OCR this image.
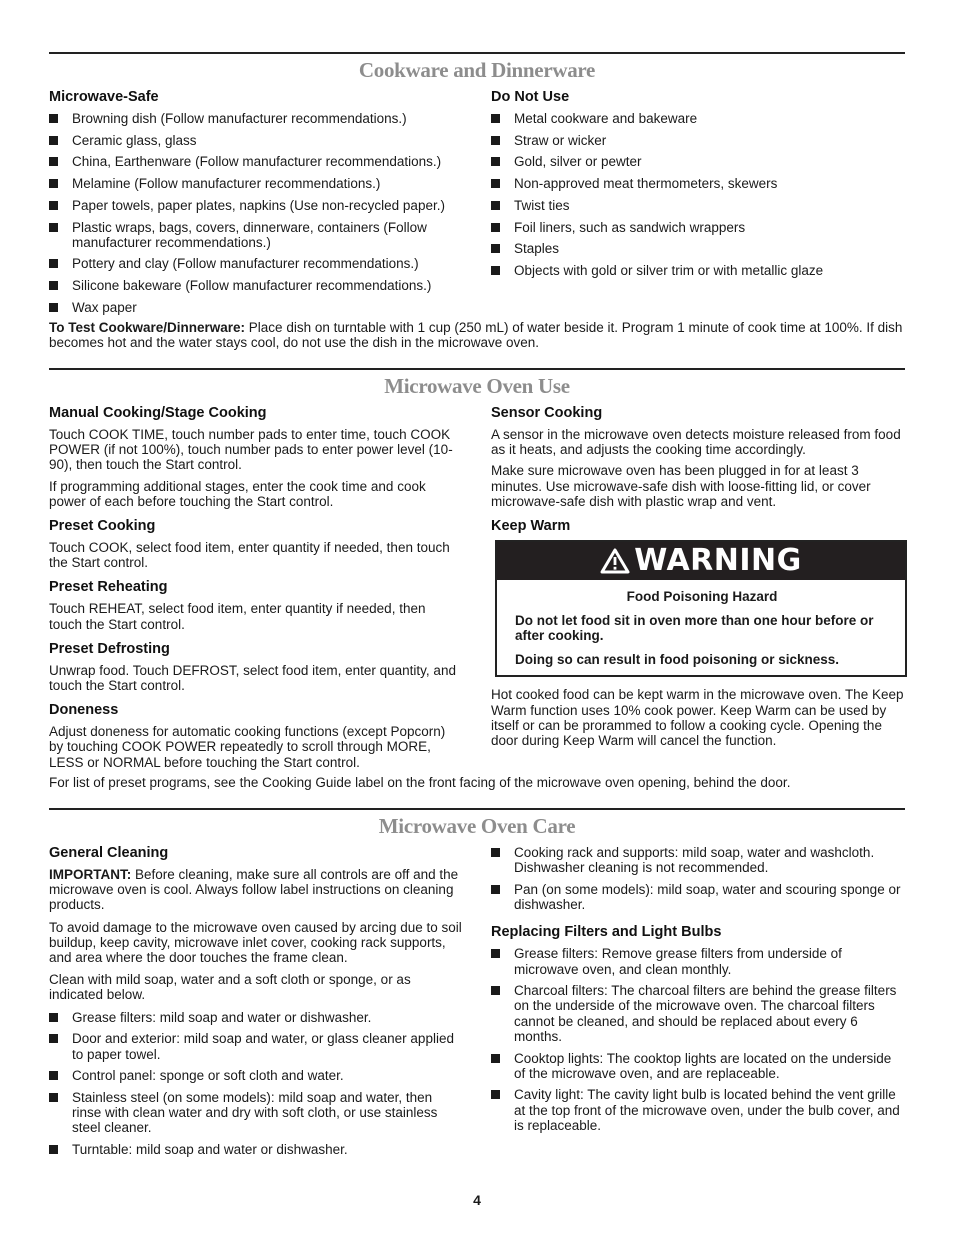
Cookware and Dinnerware
Microwave-Safe
Browning dish (Follow manufacturer recommendations.)
Ceramic glass, glass
China, Earthenware (Follow manufacturer recommendations.)
Melamine (Follow manufacturer recommendations.)
Paper towels, paper plates, napkins (Use non-recycled paper.)
Plastic wraps, bags, covers, dinnerware, containers (Follow manufacturer recommendations.)
Pottery and clay (Follow manufacturer recommendations.)
Silicone bakeware (Follow manufacturer recommendations.)
Wax paper
Do Not Use
Metal cookware and bakeware
Straw or wicker
Gold, silver or pewter
Non-approved meat thermometers, skewers
Twist ties
Foil liners, such as sandwich wrappers
Staples
Objects with gold or silver trim or with metallic glaze

To Test Cookware/Dinnerware: Place dish on turntable with 1 cup (250 mL) of water beside it. Program 1 minute of cook time at 100%. If dish becomes hot and the water stays cool, do not use the dish in the microwave oven.

Microwave Oven Use
Manual Cooking/Stage Cooking

Touch COOK TIME, touch number pads to enter time, touch COOK POWER (if not 100%), touch number pads to enter power level (10-90), then touch the Start control.

If programming additional stages, enter the cook time and cook power of each before touching the Start control.

Preset Cooking

Touch COOK, select food item, enter quantity if needed, then touch the Start control.

Preset Reheating

Touch REHEAT, select food item, enter quantity if needed, then touch the Start control.

Preset Defrosting

Unwrap food. Touch DEFROST, select food item, enter quantity, and touch the Start control.

Doneness

Adjust doneness for automatic cooking functions (except Popcorn) by touching COOK POWER repeatedly to scroll through MORE, LESS or NORMAL before touching the Start control.

Sensor Cooking

A sensor in the microwave oven detects moisture released from food as it heats, and adjusts the cooking time accordingly.

Make sure microwave oven has been plugged in for at least 3 minutes. Use microwave-safe dish with loose-fitting lid, or cover microwave-safe dish with plastic wrap and vent.

Keep Warm
WARNING
Food Poisoning Hazard
Do not let food sit in oven more than one hour before or after cooking.
Doing so can result in food poisoning or sickness.

Hot cooked food can be kept warm in the microwave oven. The Keep Warm function uses 10% cook power. Keep Warm can be used by itself or can be prorammed to follow a cooking cycle. Opening the door during Keep Warm will cancel the function.

For list of preset programs, see the Cooking Guide label on the front facing of the microwave oven opening, behind the door.

Microwave Oven Care
General Cleaning

IMPORTANT: Before cleaning, make sure all controls are off and the microwave oven is cool. Always follow label instructions on cleaning products.

To avoid damage to the microwave oven caused by arcing due to soil buildup, keep cavity, microwave inlet cover, cooking rack supports, and area where the door touches the frame clean.

Clean with mild soap, water and a soft cloth or sponge, or as indicated below.

Grease filters: mild soap and water or dishwasher.
Door and exterior: mild soap and water, or glass cleaner applied to paper towel.
Control panel: sponge or soft cloth and water.
Stainless steel (on some models): mild soap and water, then rinse with clean water and dry with soft cloth, or use stainless steel cleaner.
Turntable: mild soap and water or dishwasher.
Cooking rack and supports: mild soap, water and washcloth. Dishwasher cleaning is not recommended.
Pan (on some models): mild soap, water and scouring sponge or dishwasher.
Replacing Filters and Light Bulbs
Grease filters: Remove grease filters from underside of microwave oven, and clean monthly.
Charcoal filters: The charcoal filters are behind the grease filters on the underside of the microwave oven. The charcoal filters cannot be cleaned, and should be replaced about every 6 months.
Cooktop lights: The cooktop lights are located on the underside of the microwave oven, and are replaceable.
Cavity light: The cavity light bulb is located behind the vent grille at the top front of the microwave oven, under the bulb cover, and is replaceable.
4
